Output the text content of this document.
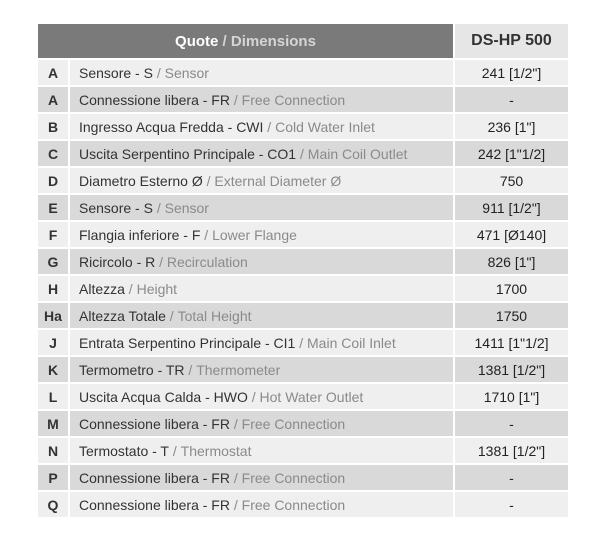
Quote / Dimensions	DS-HP 500
A	Sensore - S / Sensor	241 [1/2"]
A	Connessione libera - FR / Free Connection	-
B	Ingresso Acqua Fredda - CWI / Cold Water Inlet	236 [1"]
C	Uscita Serpentino Principale - CO1 / Main Coil Outlet	242 [1"1/2]
D	Diametro Esterno Ø / External Diameter Ø	750
E	Sensore - S / Sensor	911 [1/2"]
F	Flangia inferiore - F / Lower Flange	471 [Ø140]
G	Ricircolo - R / Recirculation	826 [1"]
H	Altezza / Height	1700
Ha	Altezza Totale / Total Height	1750
J	Entrata Serpentino Principale - CI1 / Main Coil Inlet	1411 [1"1/2]
K	Termometro - TR / Thermometer	1381 [1/2"]
L	Uscita Acqua Calda - HWO / Hot Water Outlet	1710 [1"]
M	Connessione libera - FR / Free Connection	-
N	Termostato - T / Thermostat	1381 [1/2"]
P	Connessione libera - FR / Free Connection	-
Q	Connessione libera - FR / Free Connection	-
